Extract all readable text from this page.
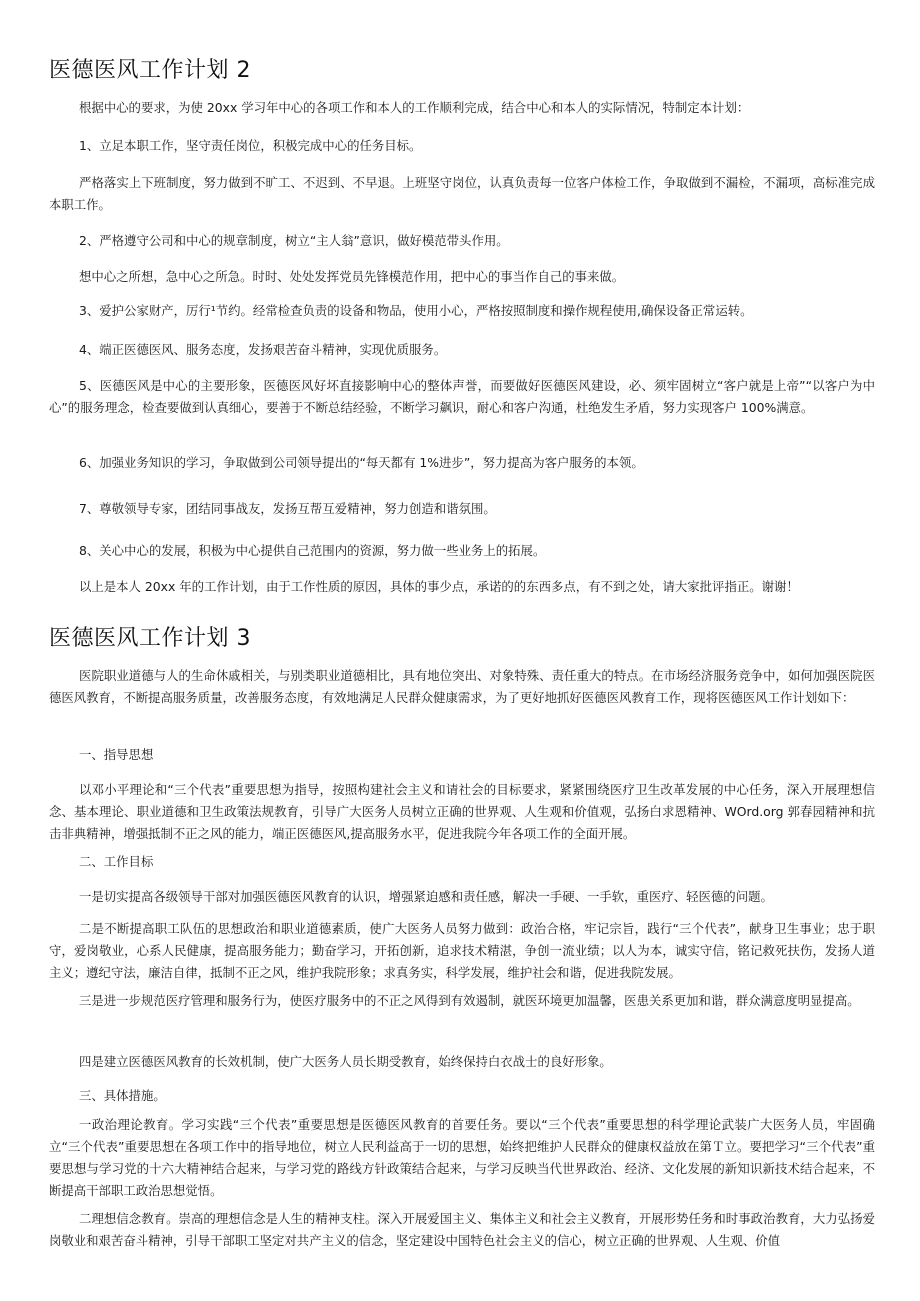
医德医风工作计划 2

根据中心的要求，为使 20xx 学习年中心的各项工作和本人的工作顺利完成，结合中心和本人的实际情况，特制定本计划：

1、立足本职工作，坚守责任岗位，积极完成中心的任务目标。

严格落实上下班制度，努力做到不旷工、不迟到、不早退。上班坚守岗位，认真负责每一位客户体检工作，争取做到不漏检，不漏项，高标准完成本职工作。

2、严格遵守公司和中心的规章制度，树立“主人翁”意识，做好模范带头作用。

想中心之所想，急中心之所急。时时、处处发挥党员先锋模范作用，把中心的事当作自己的事来做。

3、爱护公家财产，厉行¹节约。经常检查负责的设备和物品，使用小心，严格按照制度和操作规程使用,确保设备正常运转。

4、端正医德医风、服务态度，发扬艰苦奋斗精神，实现优质服务。

5、医德医风是中心的主要形象，医德医风好坏直接影响中心的整体声誉，而要做好医德医风建设，必、须牢固树立“客户就是上帝”“以客户为中心”的服务理念，检查要做到认真细心，要善于不断总结经验，不断学习飙识，耐心和客户沟通，杜绝发生矛盾，努力实现客户 100%满意。

6、加强业务知识的学习，争取做到公司领导提出的“每天都有 1%进步”，努力提高为客户服务的本领。

7、尊敬领导专家，团结同事战友，发扬互帮互爱精神，努力创造和谐氛围。

8、关心中心的发展，积极为中心提供自己范围内的资源，努力做一些业务上的拓展。

以上是本人 20xx 年的工作计划，由于工作性质的原因，具体的事少点，承诺的的东西多点，有不到之处，请大家批评指正。谢谢！

医德医风工作计划 3

医院职业道德与人的生命休戚相关，与别类职业道德相比，具有地位突出、对象特殊、责任重大的特点。在市场经济服务竞争中，如何加强医院医德医风教育，不断提高服务质量，改善服务态度，有效地满足人民群众健康需求，为了更好地抓好医德医风教育工作，现将医德医风工作计划如下：

一、指导思想

以邓小平理论和“三个代表”重要思想为指导，按照构建社会主义和请社会的目标要求，紧紧围绕医疗卫生改革发展的中心任务，深入开展理想信念、基本理论、职业道德和卫生政策法规教育，引导广大医务人员树立正确的世界观、人生观和价值观，弘扬白求恩精神、WOrd.org 郭春园精神和抗击非典精神，增强抵制不正之风的能力，端正医德医风,提高服务水平，促进我院今年各项工作的全面开展。

二、工作目标

一是切实提高各级领导干部对加强医德医风教育的认识，增强紧迫感和责任感，解决一手硬、一手软，重医疗、轻医德的问题。

二是不断提高职工队伍的思想政治和职业道德素质，使广大医务人员努力做到：政治合格，牢记宗旨，践行“三个代表”，献身卫生事业；忠于职守，爱岗敬业，心系人民健康，提高服务能力；勤奋学习，开拓创新，追求技术精湛，争创一流业绩；以人为本，诚实守信，铭记救死扶伤，发扬人道主义；遵纪守法，廉洁自律，抵制不正之风，维护我院形象；求真务实，科学发展，维护社会和谐，促进我院发展。

三是进一步规范医疗管理和服务行为，使医疗服务中的不正之风得到有效遏制，就医环境更加温馨，医患关系更加和谐，群众满意度明显提高。

四是建立医德医风教育的长效机制，使广大医务人员长期受教育，始终保持白衣战士的良好形象。

三、具体措施。

一政治理论教育。学习实践“三个代表”重要思想是医德医风教育的首要任务。要以“三个代表”重要思想的科学理论武装广大医务人员，牢固确立“三个代表”重要思想在各项工作中的指导地位，树立人民利益高于一切的思想，始终把维护人民群众的健康权益放在第Ｔ立。要把学习“三个代表”重要思想与学习党的十六大精神结合起来，与学习党的路线方针政策结合起来，与学习反映当代世界政治、经济、文化发展的新知识新技术结合起来，不断提高干部职工政治思想觉悟。

二理想信念教育。崇高的理想信念是人生的精神支柱。深入开展爱国主义、集体主义和社会主义教育，开展形势任务和时事政治教育，大力弘扬爱岗敬业和艰苦奋斗精神，引导干部职工坚定对共产主义的信念，坚定建设中国特色社会主义的信心，树立正确的世界观、人生观、价值
